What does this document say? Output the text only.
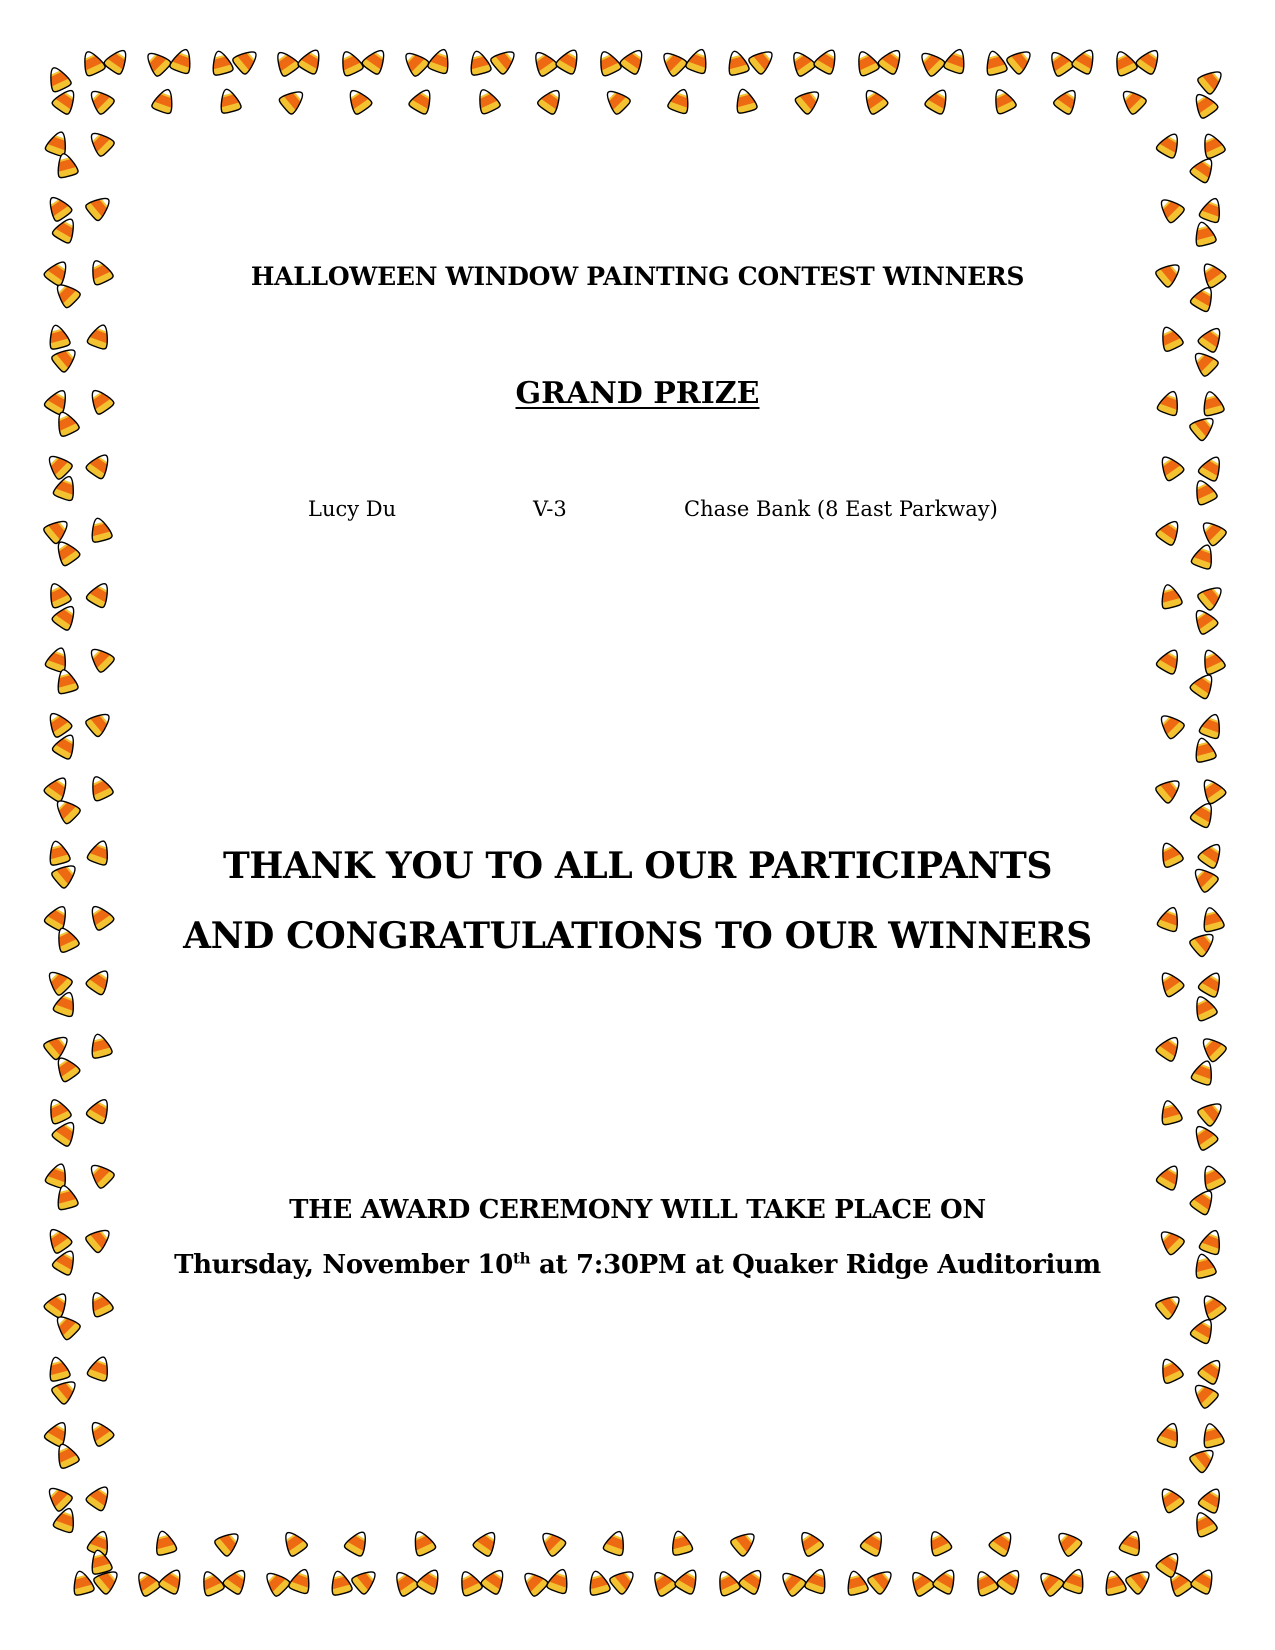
HALLOWEEN WINDOW PAINTING CONTEST WINNERS
GRAND PRIZE
Lucy Du	V-3	Chase Bank (8 East Parkway)
THANK YOU TO ALL OUR PARTICIPANTS
AND CONGRATULATIONS TO OUR WINNERS
THE AWARD CEREMONY WILL TAKE PLACE ON
Thursday, November 10th at 7:30PM at Quaker Ridge Auditorium
